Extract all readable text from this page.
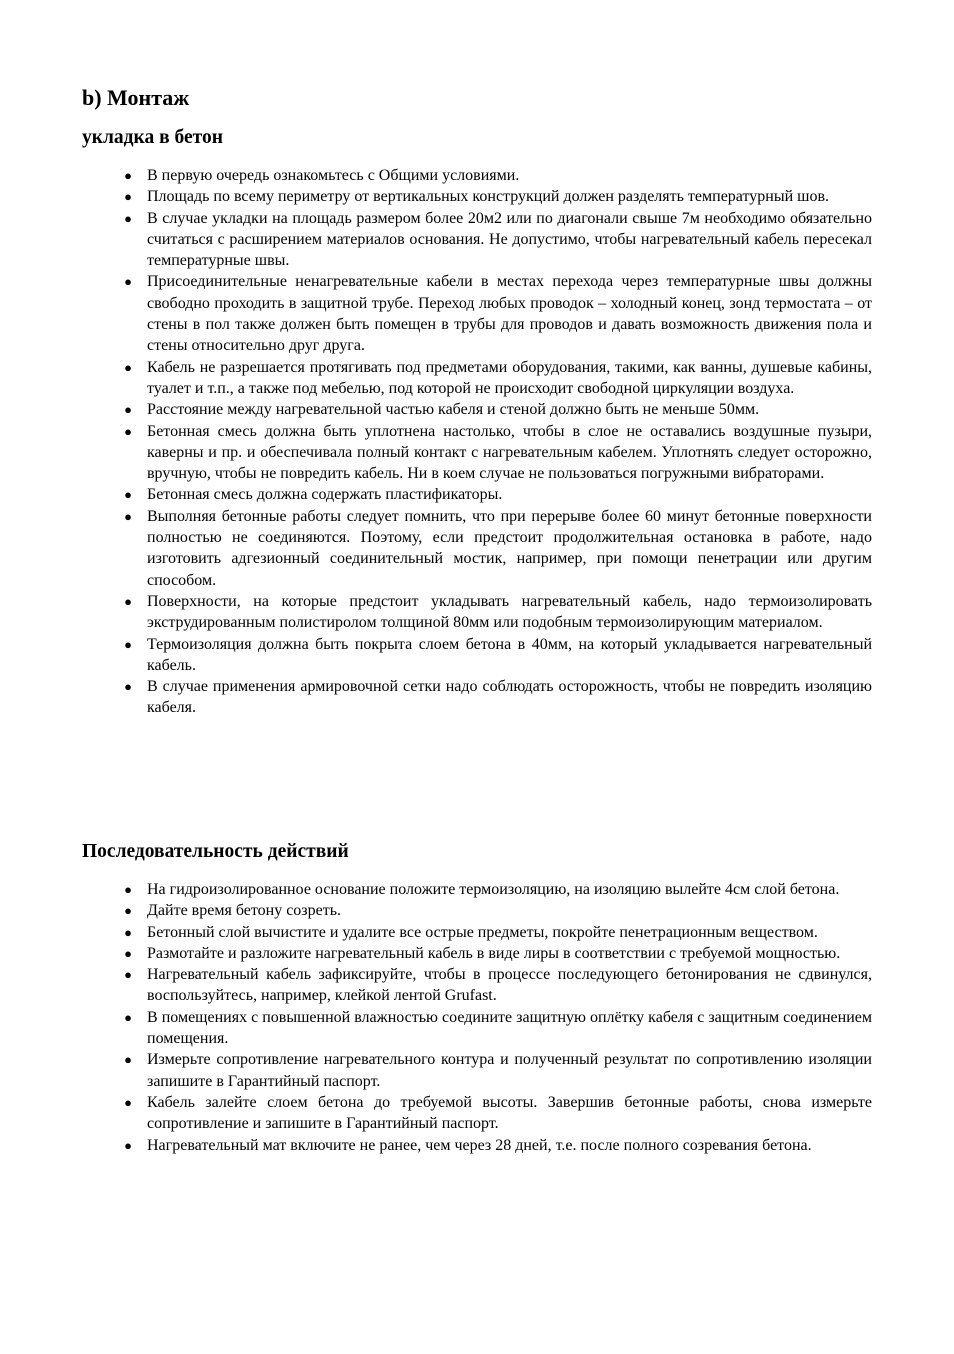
b) Монтаж
укладка в бетон
● В первую очередь ознакомьтесь с Общими условиями.
● Площадь по всему периметру от вертикальных конструкций должен разделять температурный шов.
● В случае укладки на площадь размером более 20м2 или по диагонали свыше 7м необходимо обязательно считаться с расширением материалов основания. Не допустимо, чтобы нагревательный кабель пересекал температурные швы.
● Присоединительные ненагревательные кабели в местах перехода через температурные швы должны свободно проходить в защитной трубе. Переход любых проводок – холодный конец, зонд термостата – от стены в пол также должен быть помещен в трубы для проводов и давать возможность движения пола и стены относительно друг друга.
● Кабель не разрешается протягивать под предметами оборудования, такими, как ванны, душевые кабины, туалет и т.п., а также под мебелью, под которой не происходит свободной циркуляции воздуха.
● Расстояние между нагревательной частью кабеля и стеной должно быть не меньше 50мм.
● Бетонная смесь должна быть уплотнена настолько, чтобы в слое не оставались воздушные пузыри, каверны и пр. и обеспечивала полный контакт с нагревательным кабелем. Уплотнять следует осторожно, вручную, чтобы не повредить кабель. Ни в коем случае не пользоваться погружными вибраторами.
● Бетонная смесь должна содержать пластификаторы.
● Выполняя бетонные работы следует помнить, что при перерыве более 60 минут бетонные поверхности полностью не соединяются. Поэтому, если предстоит продолжительная остановка в работе, надо изготовить адгезионный соединительный мостик, например, при помощи пенетрации или другим способом.
● Поверхности, на которые предстоит укладывать нагревательный кабель, надо термоизолировать экструдированным полистиролом толщиной 80мм или подобным термоизолирующим материалом.
● Термоизоляция должна быть покрыта слоем бетона в 40мм, на который укладывается нагревательный кабель.
● В случае применения армировочной сетки надо соблюдать осторожность, чтобы не повредить изоляцию кабеля.
Последовательность действий
● На гидроизолированное основание положите термоизоляцию, на изоляцию вылейте 4см слой бетона.
● Дайте время бетону созреть.
● Бетонный слой вычистите и удалите все острые предметы, покройте пенетрационным веществом.
● Размотайте и разложите нагревательный кабель в виде лиры в соответствии с требуемой мощностью.
● Нагревательный кабель зафиксируйте, чтобы в процессе последующего бетонирования не сдвинулся, воспользуйтесь, например, клейкой лентой Grufast.
● В помещениях с повышенной влажностью соедините защитную оплётку кабеля с защитным соединением помещения.
● Измерьте сопротивление нагревательного контура и полученный результат по сопротивлению изоляции запишите в Гарантийный паспорт.
● Кабель залейте слоем бетона до требуемой высоты. Завершив бетонные работы, снова измерьте сопротивление и запишите в Гарантийный паспорт.
● Нагревательный мат включите не ранее, чем через 28 дней, т.е. после полного созревания бетона.
